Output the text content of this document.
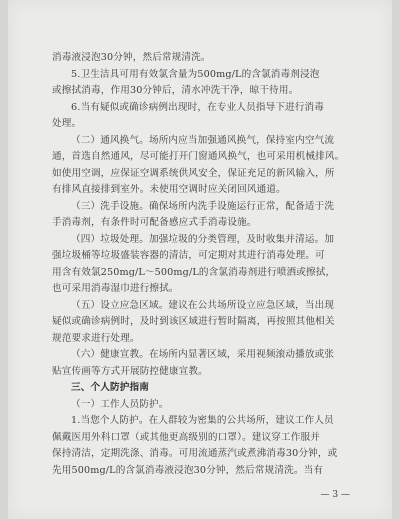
消毒液浸泡30分钟，然后常规清洗。
5.卫生洁具可用有效氯含量为500mg/L的含氯消毒剂浸泡
或擦拭消毒，作用30分钟后，清水冲洗干净，晾干待用。
6.当有疑似或确诊病例出现时，在专业人员指导下进行消毒
处理。
（二）通风换气。场所内应当加强通风换气，保持室内空气流
通，首选自然通风，尽可能打开门窗通风换气，也可采用机械排风。
如使用空调，应保证空调系统供风安全，保证充足的新风输入，所
有排风直接排到室外。未使用空调时应关闭回风通道。
（三）洗手设施。确保场所内洗手设施运行正常，配备适于洗
手消毒剂，有条件时可配备感应式手消毒设施。
（四）垃圾处理。加强垃圾的分类管理，及时收集并清运。加
强垃圾桶等垃圾盛装容器的清洁，可定期对其进行消毒处理。可
用含有效氯250mg/L～500mg/L的含氯消毒剂进行喷洒或擦拭，
也可采用消毒湿巾进行擦拭。
（五）设立应急区域。建议在公共场所设立应急区域，当出现
疑似或确诊病例时，及时到该区域进行暂时隔离，再按照其他相关
规范要求进行处理。
（六）健康宣教。在场所内显著区域，采用视频滚动播放或张
贴宣传画等方式开展防控健康宣教。
三、个人防护指南
（一）工作人员防护。
1.当您个人防护。在人群较为密集的公共场所，建议工作人员
佩戴医用外科口罩（或其他更高级别的口罩）。建议穿工作服并
保持清洁，定期洗涤、消毒。可用流通蒸汽或煮沸消毒30分钟，或
先用500mg/L的含氯消毒液浸泡30分钟，然后常规清洗。当有
— 3 —
